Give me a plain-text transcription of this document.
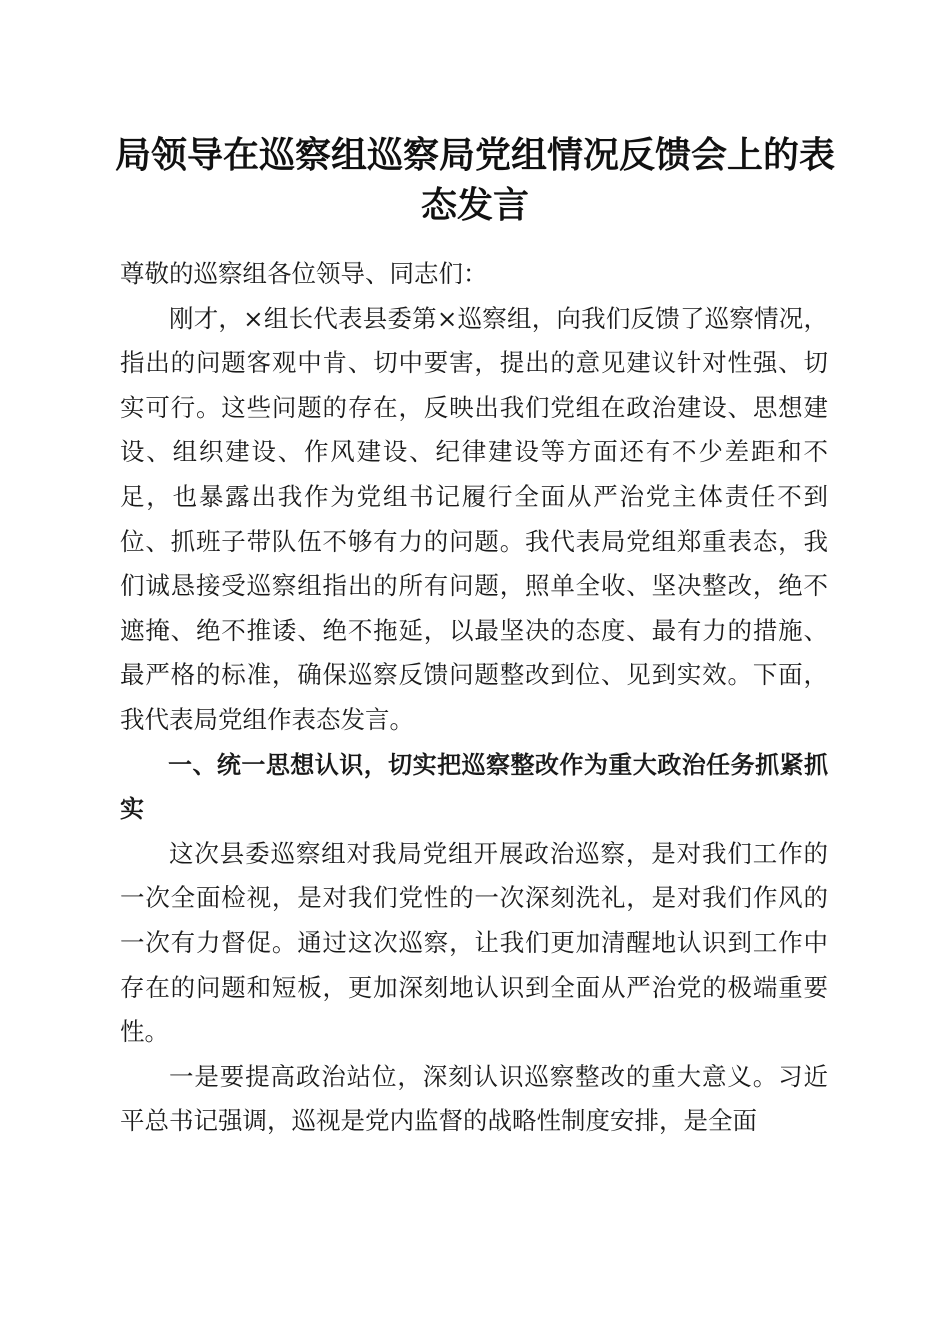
局领导在巡察组巡察局党组情况反馈会上的表
态发言

尊敬的巡察组各位领导、同志们：

刚才，×组长代表县委第×巡察组，向我们反馈了巡察情况，指出的问题客观中肯、切中要害，提出的意见建议针对性强、切实可行。这些问题的存在，反映出我们党组在政治建设、思想建设、组织建设、作风建设、纪律建设等方面还有不少差距和不足，也暴露出我作为党组书记履行全面从严治党主体责任不到位、抓班子带队伍不够有力的问题。我代表局党组郑重表态，我们诚恳接受巡察组指出的所有问题，照单全收、坚决整改，绝不遮掩、绝不推诿、绝不拖延，以最坚决的态度、最有力的措施、最严格的标准，确保巡察反馈问题整改到位、见到实效。下面，我代表局党组作表态发言。

一、统一思想认识，切实把巡察整改作为重大政治任务抓紧抓实

这次县委巡察组对我局党组开展政治巡察，是对我们工作的一次全面检视，是对我们党性的一次深刻洗礼，是对我们作风的一次有力督促。通过这次巡察，让我们更加清醒地认识到工作中存在的问题和短板，更加深刻地认识到全面从严治党的极端重要性。

一是要提高政治站位，深刻认识巡察整改的重大意义。习近平总书记强调，巡视是党内监督的战略性制度安排，是全面
